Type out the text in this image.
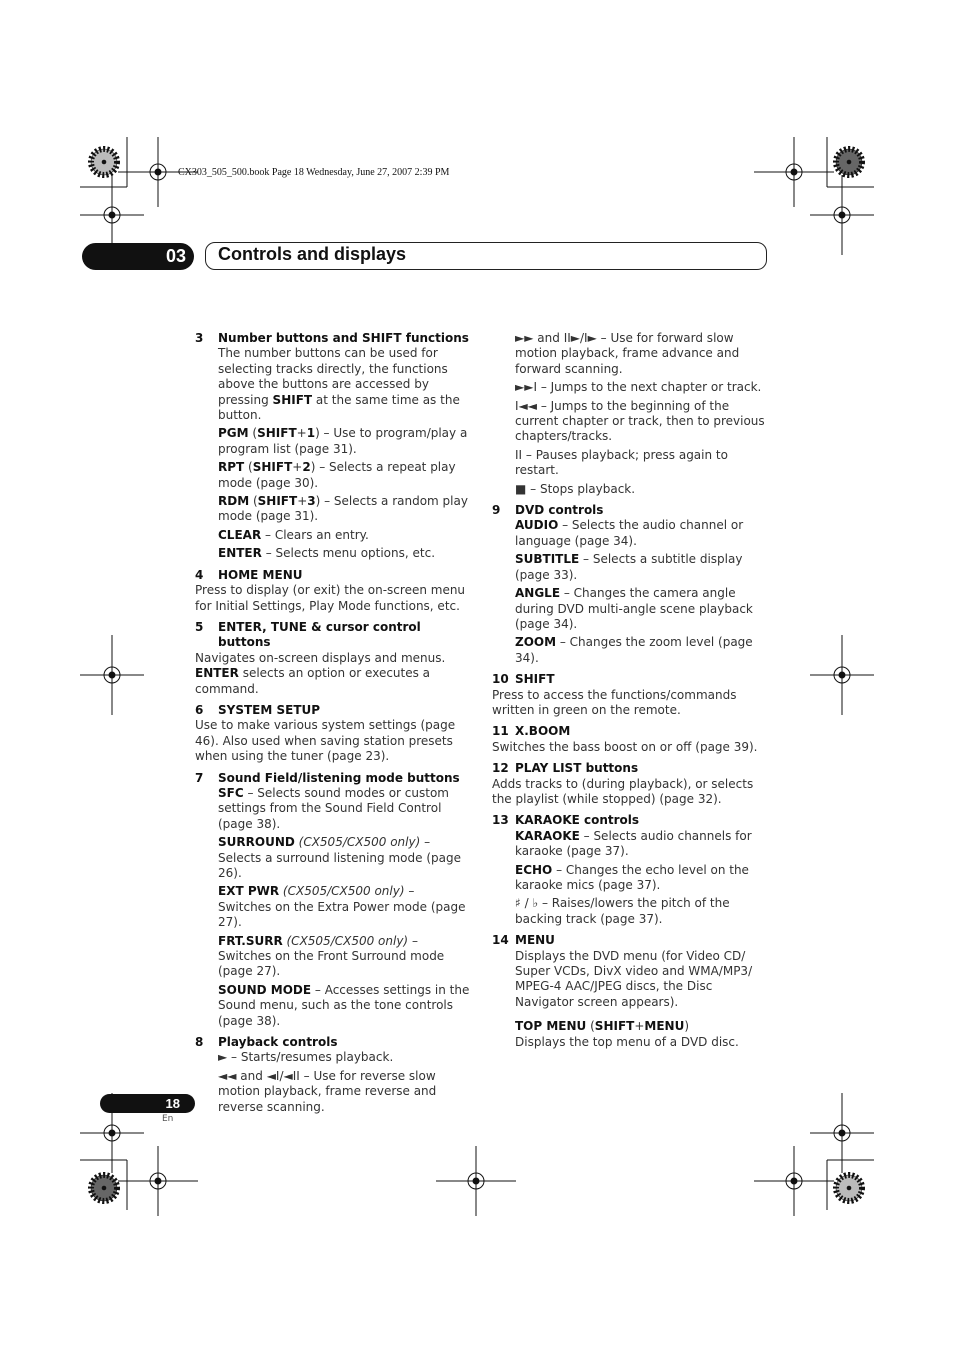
CX303_505_500.book Page 18 Wednesday, June 27, 2007 2:39 PM
03	Controls and displays
3	Number buttons and SHIFT functions

The number buttons can be used for selecting tracks directly, the functions above the buttons are accessed by pressing SHIFT at the same time as the button.

PGM (SHIFT+1) – Use to program/play a program list (page 31).

RPT (SHIFT+2) – Selects a repeat play mode (page 30).

RDM (SHIFT+3) – Selects a random play mode (page 31).

CLEAR – Clears an entry.

ENTER – Selects menu options, etc.

4	HOME MENU

Press to display (or exit) the on-screen menu for Initial Settings, Play Mode functions, etc.

5	ENTER, TUNE & cursor control buttons

Navigates on-screen displays and menus.

ENTER selects an option or executes a command.

6	SYSTEM SETUP

Use to make various system settings (page 46). Also used when saving station presets when using the tuner (page 23).

7	Sound Field/listening mode buttons

SFC – Selects sound modes or custom settings from the Sound Field Control (page 38).

SURROUND (CX505/CX500 only) – Selects a surround listening mode (page 26).

EXT PWR (CX505/CX500 only) – Switches on the Extra Power mode (page 27).

FRT.SURR (CX505/CX500 only) – Switches on the Front Surround mode (page 27).

SOUND MODE – Accesses settings in the Sound menu, such as the tone controls (page 38).

8	Playback controls

► – Starts/resumes playback.

◄◄ and ◄I/◄II – Use for reverse slow motion playback, frame reverse and reverse scanning.

►► and II►/I► – Use for forward slow motion playback, frame advance and forward scanning.

►►I – Jumps to the next chapter or track.

I◄◄ – Jumps to the beginning of the current chapter or track, then to previous chapters/tracks.

II – Pauses playback; press again to restart.

■ – Stops playback.

9	DVD controls

AUDIO – Selects the audio channel or language (page 34).

SUBTITLE – Selects a subtitle display (page 33).

ANGLE – Changes the camera angle during DVD multi-angle scene playback (page 34).

ZOOM – Changes the zoom level (page 34).

10 SHIFT

Press to access the functions/commands written in green on the remote.

11 X.BOOM

Switches the bass boost on or off (page 39).

12 PLAY LIST buttons

Adds tracks to (during playback), or selects the playlist (while stopped) (page 32).

13 KARAOKE controls

KARAOKE – Selects audio channels for karaoke (page 37).

ECHO – Changes the echo level on the karaoke mics (page 37).

♯ / ♭ – Raises/lowers the pitch of the backing track (page 37).

14 MENU

Displays the DVD menu (for Video CD/ Super VCDs, DivX video and WMA/MP3/ MPEG-4 AAC/JPEG discs, the Disc Navigator screen appears).

TOP MENU (SHIFT+MENU)

Displays the top menu of a DVD disc.

18
En
